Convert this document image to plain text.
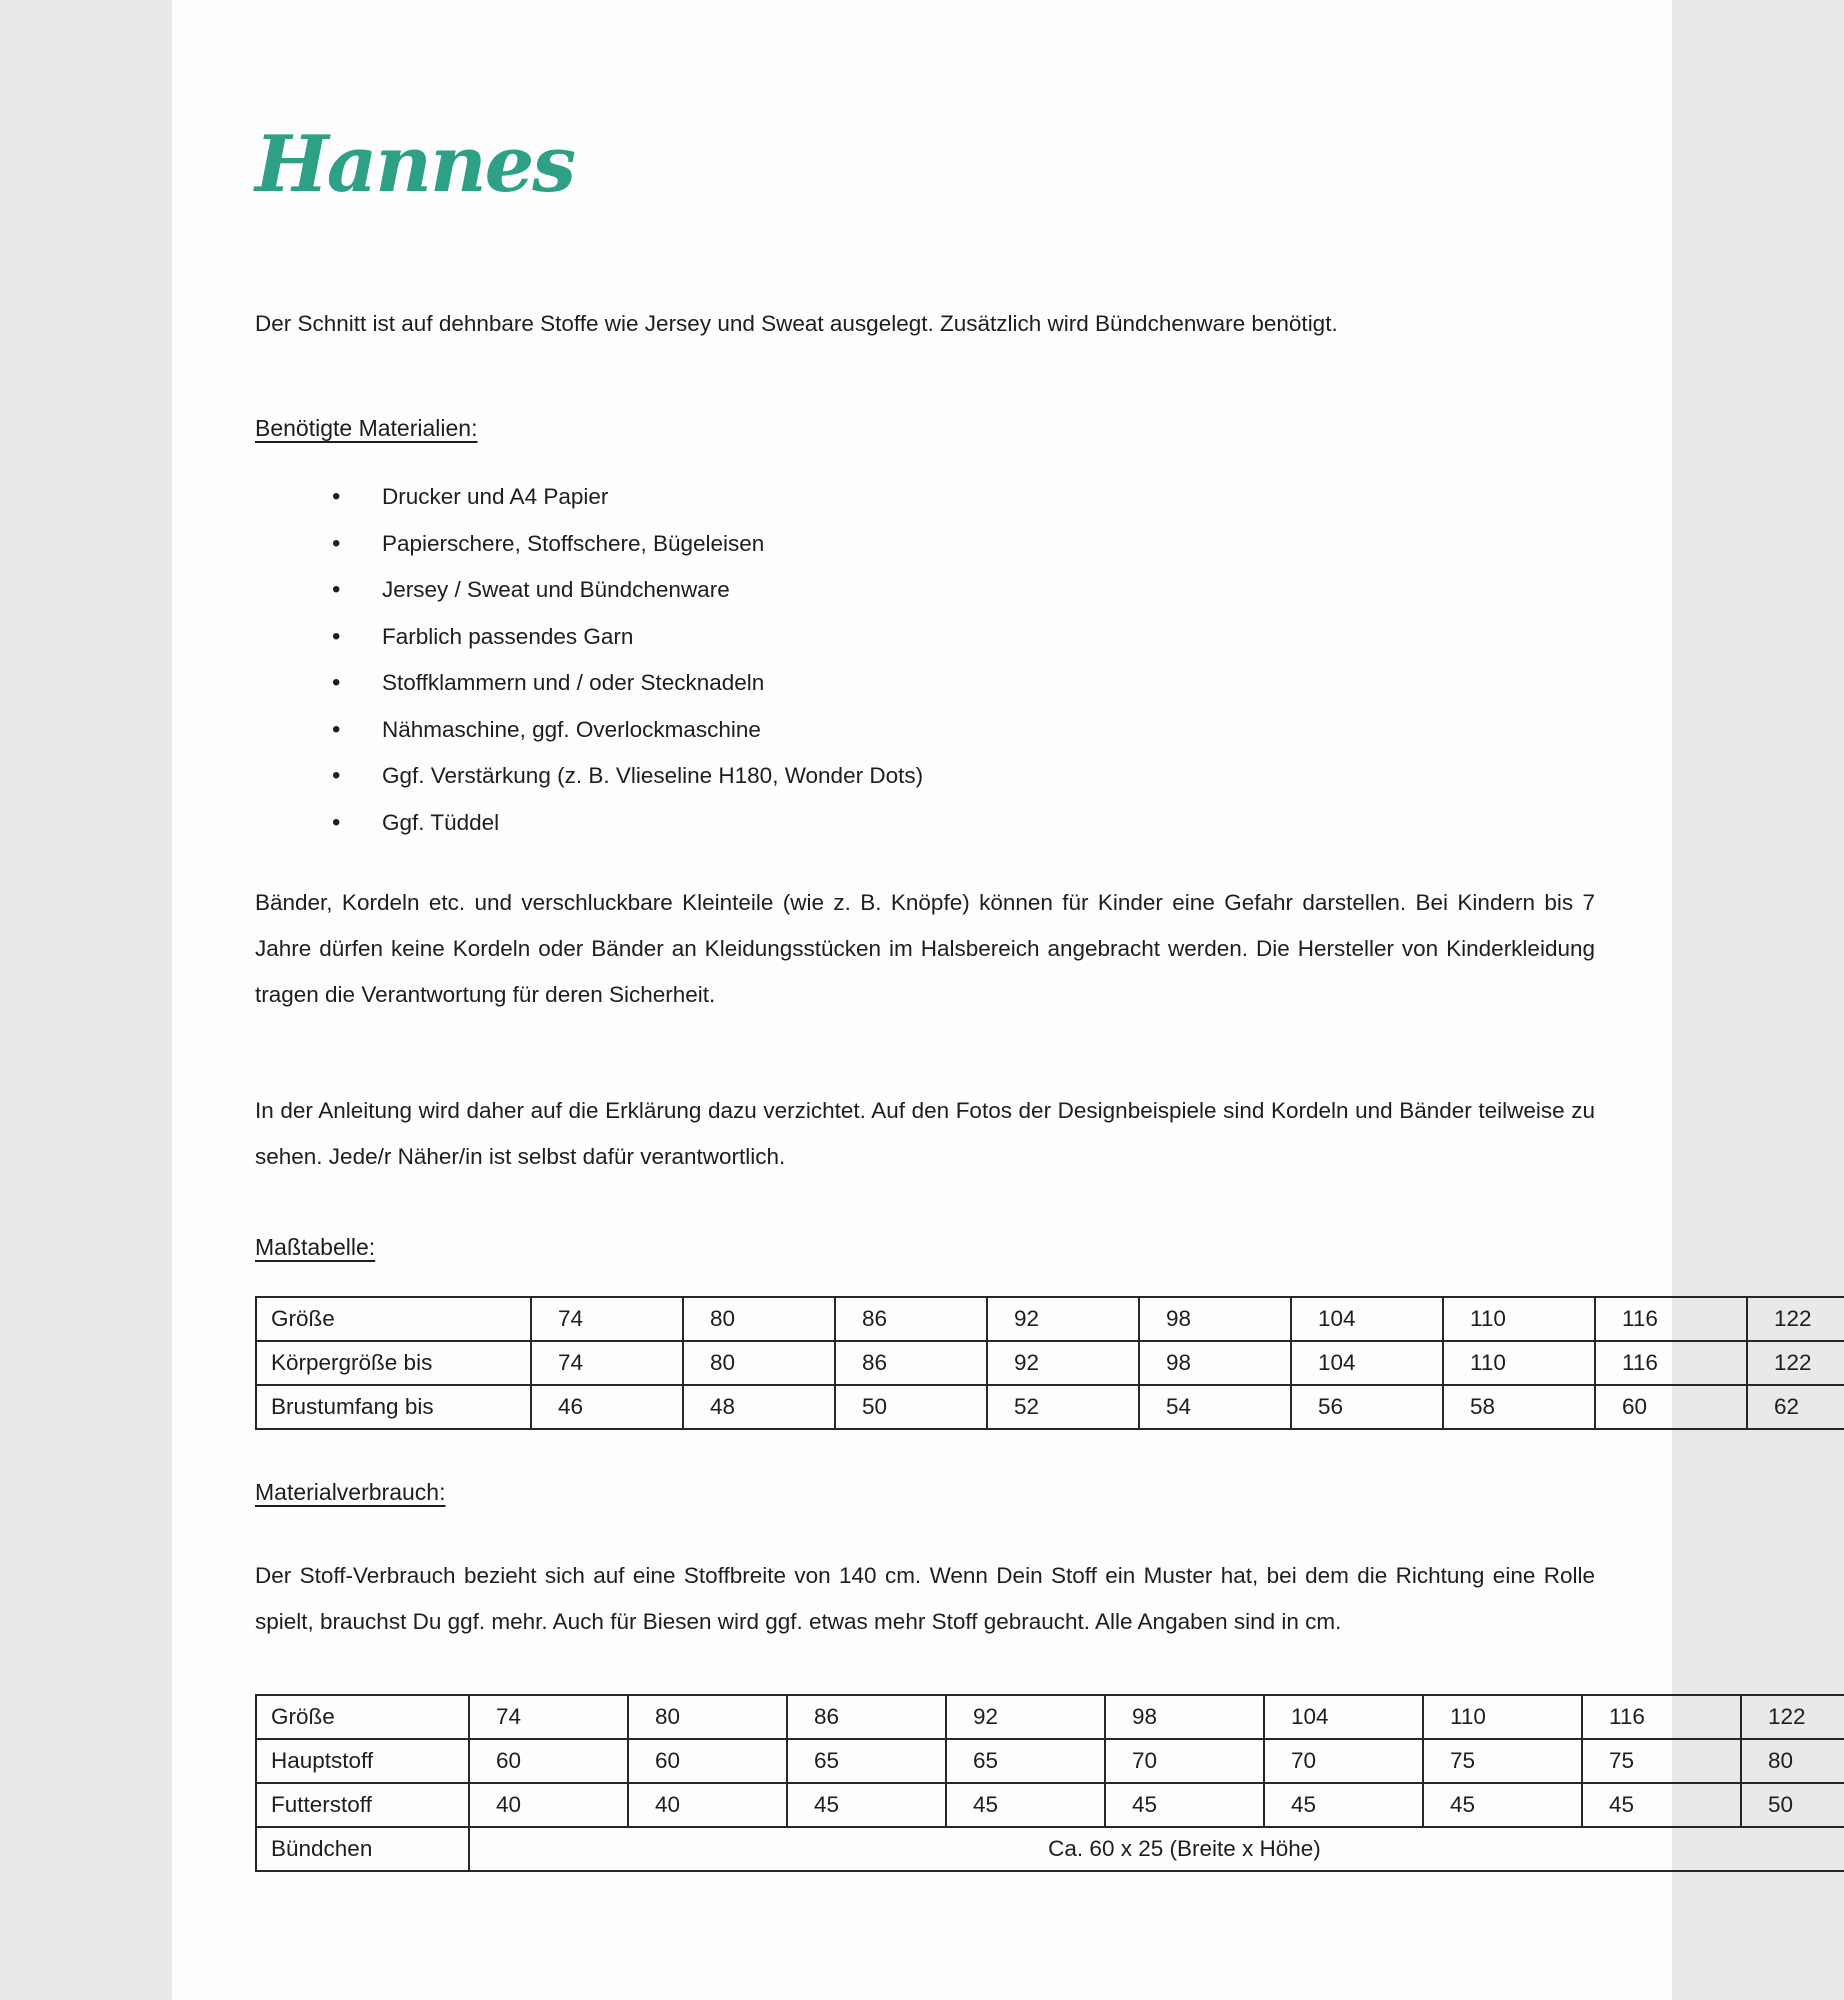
Hannes

Der Schnitt ist auf dehnbare Stoffe wie Jersey und Sweat ausgelegt. Zusätzlich wird Bündchenware benötigt.

Benötigte Materialien:
• Drucker und A4 Papier
• Papierschere, Stoffschere, Bügeleisen
• Jersey / Sweat und Bündchenware
• Farblich passendes Garn
• Stoffklammern und / oder Stecknadeln
• Nähmaschine, ggf. Overlockmaschine
• Ggf. Verstärkung (z. B. Vlieseline H180, Wonder Dots)
• Ggf. Tüddel

Bänder, Kordeln etc. und verschluckbare Kleinteile (wie z. B. Knöpfe) können für Kinder eine Gefahr darstellen. Bei Kindern bis 7 Jahre dürfen keine Kordeln oder Bänder an Kleidungsstücken im Halsbereich angebracht werden. Die Hersteller von Kinderkleidung tragen die Verantwortung für deren Sicherheit.

In der Anleitung wird daher auf die Erklärung dazu verzichtet. Auf den Fotos der Designbeispiele sind Kordeln und Bänder teilweise zu sehen. Jede/r Näher/in ist selbst dafür verantwortlich.

Maßtabelle:
Größe	74	80	86	92	98	104	110	116	122
Körpergröße bis	74	80	86	92	98	104	110	116	122
Brustumfang bis	46	48	50	52	54	56	58	60	62
Materialverbrauch:

Der Stoff-Verbrauch bezieht sich auf eine Stoffbreite von 140 cm. Wenn Dein Stoff ein Muster hat, bei dem die Richtung eine Rolle spielt, brauchst Du ggf. mehr. Auch für Biesen wird ggf. etwas mehr Stoff gebraucht. Alle Angaben sind in cm.

Größe	74	80	86	92	98	104	110	116	122
Hauptstoff	60	60	65	65	70	70	75	75	80
Futterstoff	40	40	45	45	45	45	45	45	50
Bündchen	Ca. 60 x 25 (Breite x Höhe)								
